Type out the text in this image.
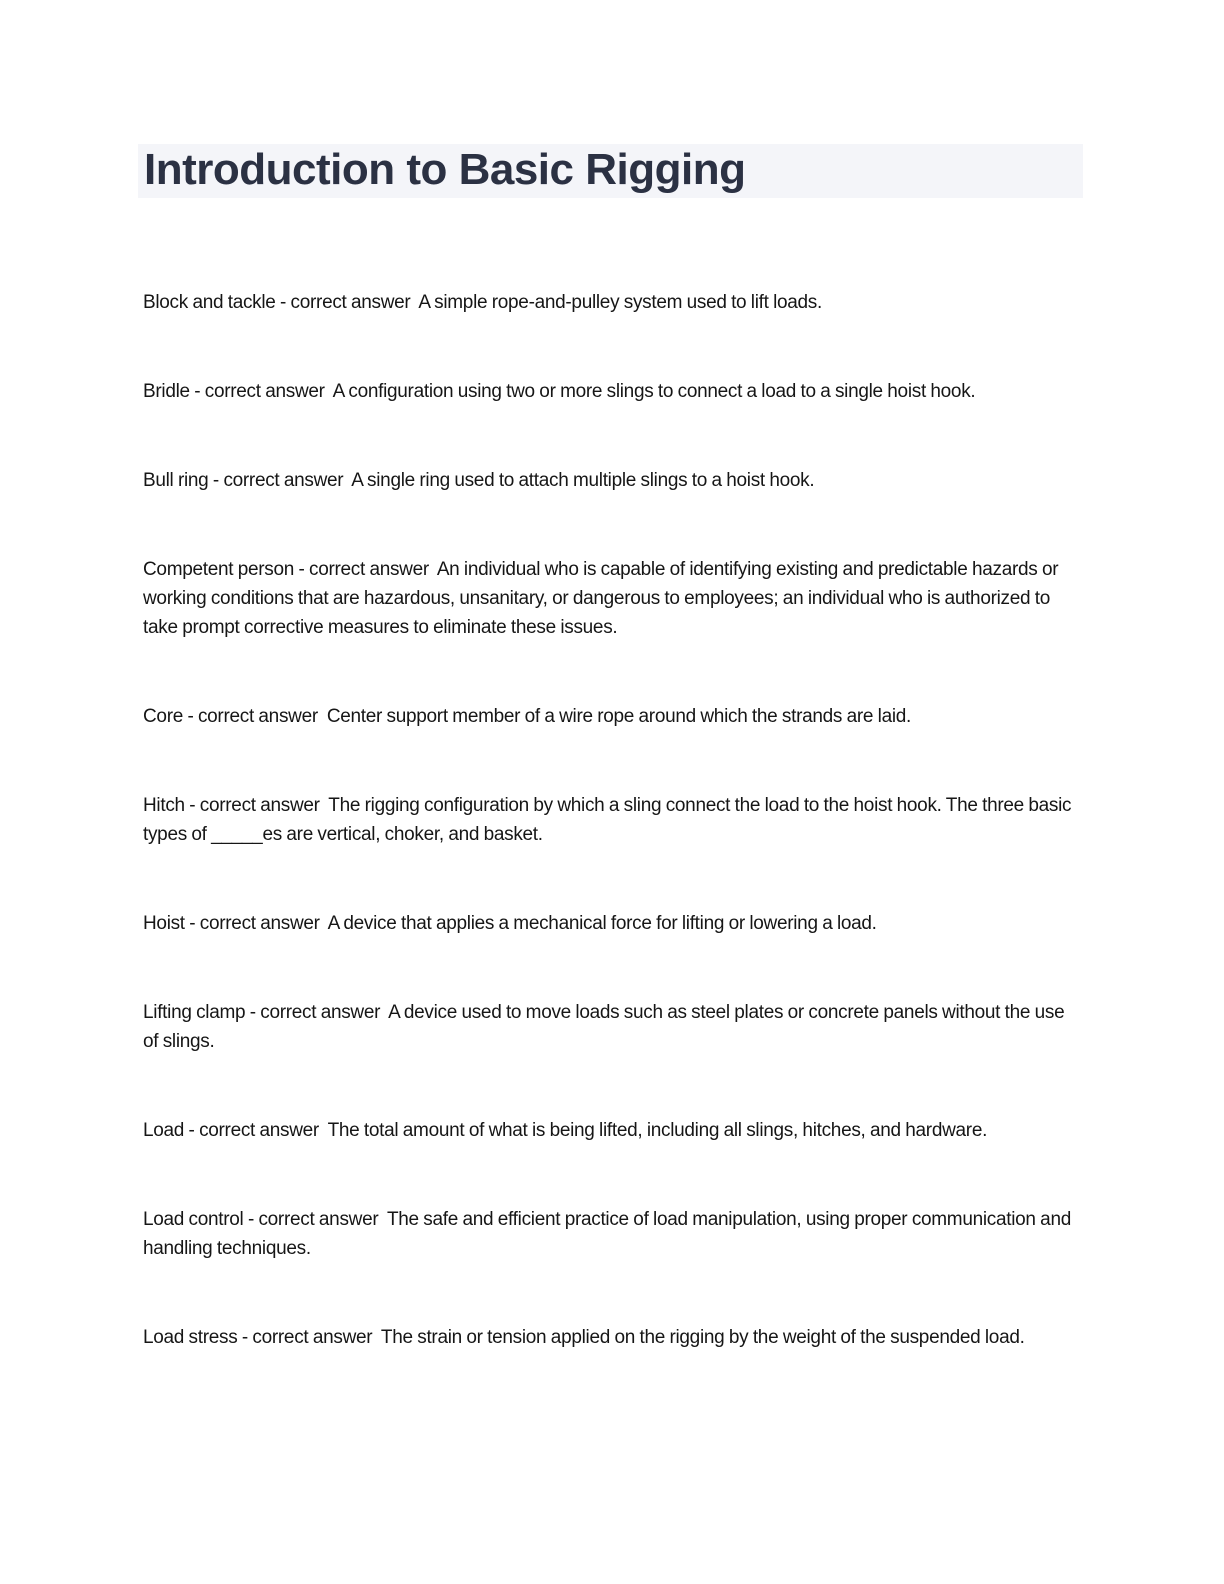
Introduction to Basic Rigging

Block and tackle - correct answer  A simple rope-and-pulley system used to lift loads.

Bridle - correct answer  A configuration using two or more slings to connect a load to a single hoist hook.

Bull ring - correct answer  A single ring used to attach multiple slings to a hoist hook.

Competent person - correct answer  An individual who is capable of identifying existing and predictable hazards or working conditions that are hazardous, unsanitary, or dangerous to employees; an individual who is authorized to take prompt corrective measures to eliminate these issues.

Core - correct answer  Center support member of a wire rope around which the strands are laid.

Hitch - correct answer  The rigging configuration by which a sling connect the load to the hoist hook. The three basic types of _____es are vertical, choker, and basket.

Hoist - correct answer  A device that applies a mechanical force for lifting or lowering a load.

Lifting clamp - correct answer  A device used to move loads such as steel plates or concrete panels without the use of slings.

Load - correct answer  The total amount of what is being lifted, including all slings, hitches, and hardware.

Load control - correct answer  The safe and efficient practice of load manipulation, using proper communication and handling techniques.

Load stress - correct answer  The strain or tension applied on the rigging by the weight of the suspended load.
